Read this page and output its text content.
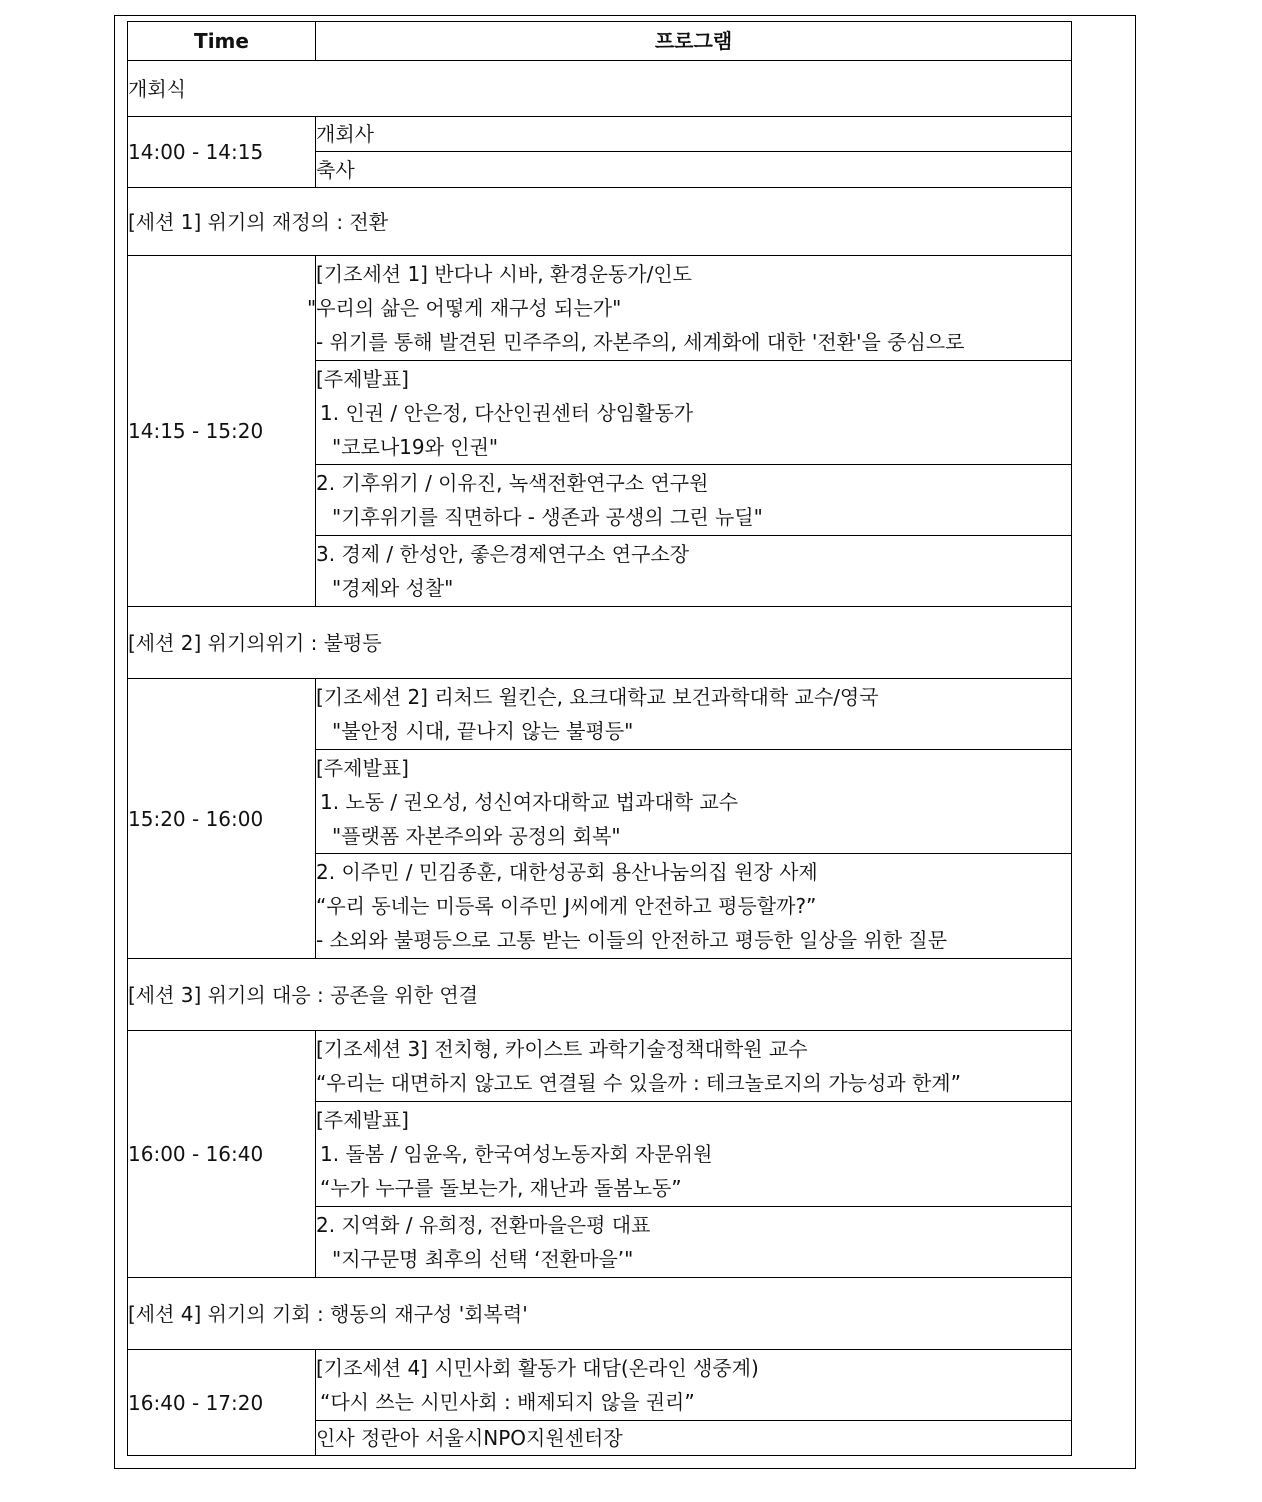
Time	프로그램
개회식	
14:00 - 14:15	개회사
	축사
[세션 1] 위기의 재정의 : 전환	
14:15 - 15:20	[기조세션 1] 반다나 시바, 환경운동가/인도
"우리의 삶은 어떻게 재구성 되는가"
- 위기를 통해 발견된 민주주의, 자본주의, 세계화에 대한 '전환'을 중심으로

	[주제발표]
1. 인권 / 안은정, 다산인권센터 상임활동가
"코로나19와 인권"

	2. 기후위기 / 이유진, 녹색전환연구소 연구원
"기후위기를 직면하다 - 생존과 공생의 그린 뉴딜"

	3. 경제 / 한성안, 좋은경제연구소 연구소장
"경제와 성찰"

[세션 2] 위기의위기 : 불평등	
15:20 - 16:00	[기조세션 2] 리처드 윌킨슨, 요크대학교 보건과학대학 교수/영국
"불안정 시대, 끝나지 않는 불평등"

	[주제발표]
1. 노동 / 권오성, 성신여자대학교 법과대학 교수
"플랫폼 자본주의와 공정의 회복"

	2. 이주민 / 민김종훈, 대한성공회 용산나눔의집 원장 사제
“우리 동네는 미등록 이주민 J씨에게 안전하고 평등할까?”
- 소외와 불평등으로 고통 받는 이들의 안전하고 평등한 일상을 위한 질문

[세션 3] 위기의 대응 : 공존을 위한 연결	
16:00 - 16:40	[기조세션 3] 전치형, 카이스트 과학기술정책대학원 교수
“우리는 대면하지 않고도 연결될 수 있을까 : 테크놀로지의 가능성과 한계”

	[주제발표]
1. 돌봄 / 임윤옥, 한국여성노동자회 자문위원
“누가 누구를 돌보는가, 재난과 돌봄노동”

	2. 지역화 / 유희정, 전환마을은평 대표
"지구문명 최후의 선택 ‘전환마을’"

[세션 4] 위기의 기회 : 행동의 재구성 '회복력'	
16:40 - 17:20	[기조세션 4] 시민사회 활동가 대담(온라인 생중계)
“다시 쓰는 시민사회 : 배제되지 않을 권리”

	인사 정란아 서울시NPO지원센터장
